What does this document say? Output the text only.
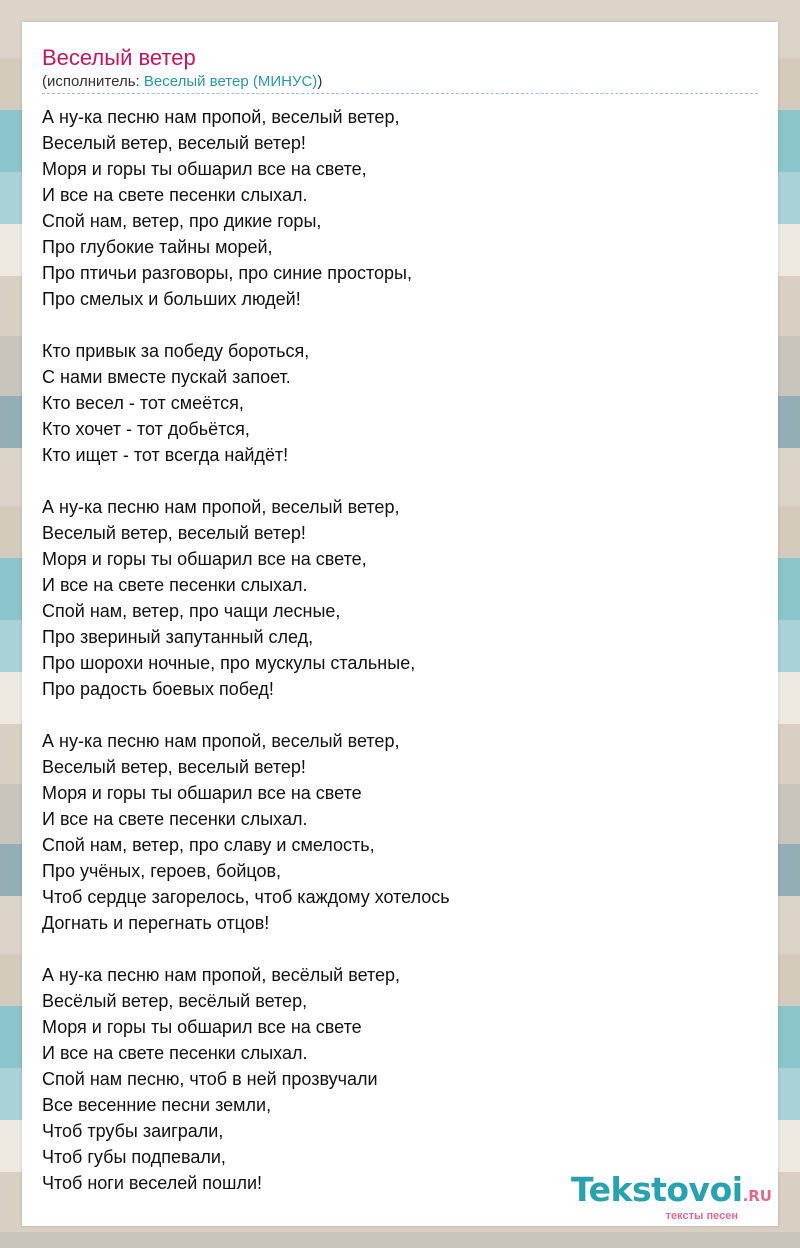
Веселый ветер
(исполнитель: Веселый ветер (МИНУС))
А ну-ка песню нам пропой, веселый ветер,
Веселый ветер, веселый ветер!
Моря и горы ты обшарил все на свете,
И все на свете песенки слыхал.
Спой нам, ветер, про дикие горы,
Про глубокие тайны морей,
Про птичьи разговоры, про синие просторы,
Про смелых и больших людей!
Кто привык за победу бороться,
С нами вместе пускай запоет.
Кто весел - тот смеётся,
Кто хочет - тот добьётся,
Кто ищет - тот всегда найдёт!
А ну-ка песню нам пропой, веселый ветер,
Веселый ветер, веселый ветер!
Моря и горы ты обшарил все на свете,
И все на свете песенки слыхал.
Спой нам, ветер, про чащи лесные,
Про звериный запутанный след,
Про шорохи ночные, про мускулы стальные,
Про радость боевых побед!
А ну-ка песню нам пропой, веселый ветер,
Веселый ветер, веселый ветер!
Моря и горы ты обшарил все на свете
И все на свете песенки слыхал.
Спой нам, ветер, про славу и смелость,
Про учёных, героев, бойцов,
Чтоб сердце загорелось, чтоб каждому хотелось
Догнать и перегнать отцов!
А ну-ка песню нам пропой, весёлый ветер,
Весёлый ветер, весёлый ветер,
Моря и горы ты обшарил все на свете
И все на свете песенки слыхал.
Спой нам песню, чтоб в ней прозвучали
Все весенние песни земли,
Чтоб трубы заиграли,
Чтоб губы подпевали,
Чтоб ноги веселей пошли!	Tekstovoi.RU
тексты песен
